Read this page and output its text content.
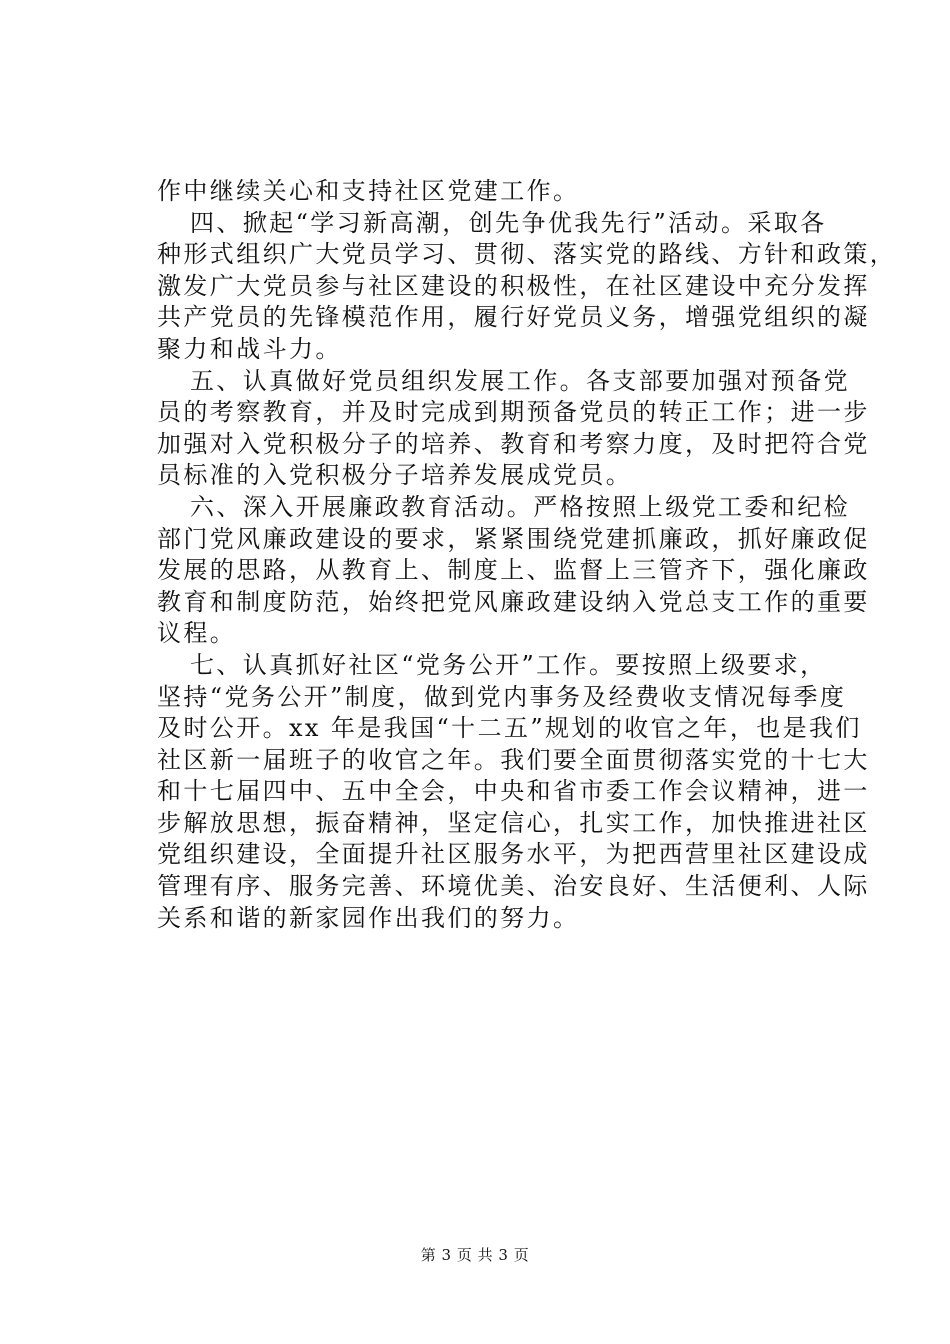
作中继续关心和支持社区党建工作。
四、掀起“学习新高潮，创先争优我先行”活动。采取各
种形式组织广大党员学习、贯彻、落实党的路线、方针和政策，
激发广大党员参与社区建设的积极性，在社区建设中充分发挥
共产党员的先锋模范作用，履行好党员义务，增强党组织的凝
聚力和战斗力。
五、认真做好党员组织发展工作。各支部要加强对预备党
员的考察教育，并及时完成到期预备党员的转正工作；进一步
加强对入党积极分子的培养、教育和考察力度，及时把符合党
员标准的入党积极分子培养发展成党员。
六、深入开展廉政教育活动。严格按照上级党工委和纪检
部门党风廉政建设的要求，紧紧围绕党建抓廉政，抓好廉政促
发展的思路，从教育上、制度上、监督上三管齐下，强化廉政
教育和制度防范，始终把党风廉政建设纳入党总支工作的重要
议程。
七、认真抓好社区“党务公开”工作。要按照上级要求，
坚持“党务公开”制度，做到党内事务及经费收支情况每季度
及时公开。xx 年是我国“十二五”规划的收官之年，也是我们
社区新一届班子的收官之年。我们要全面贯彻落实党的十七大
和十七届四中、五中全会，中央和省市委工作会议精神，进一
步解放思想，振奋精神，坚定信心，扎实工作，加快推进社区
党组织建设，全面提升社区服务水平，为把西营里社区建设成
管理有序、服务完善、环境优美、治安良好、生活便利、人际
关系和谐的新家园作出我们的努力。
第 3 页 共 3 页
